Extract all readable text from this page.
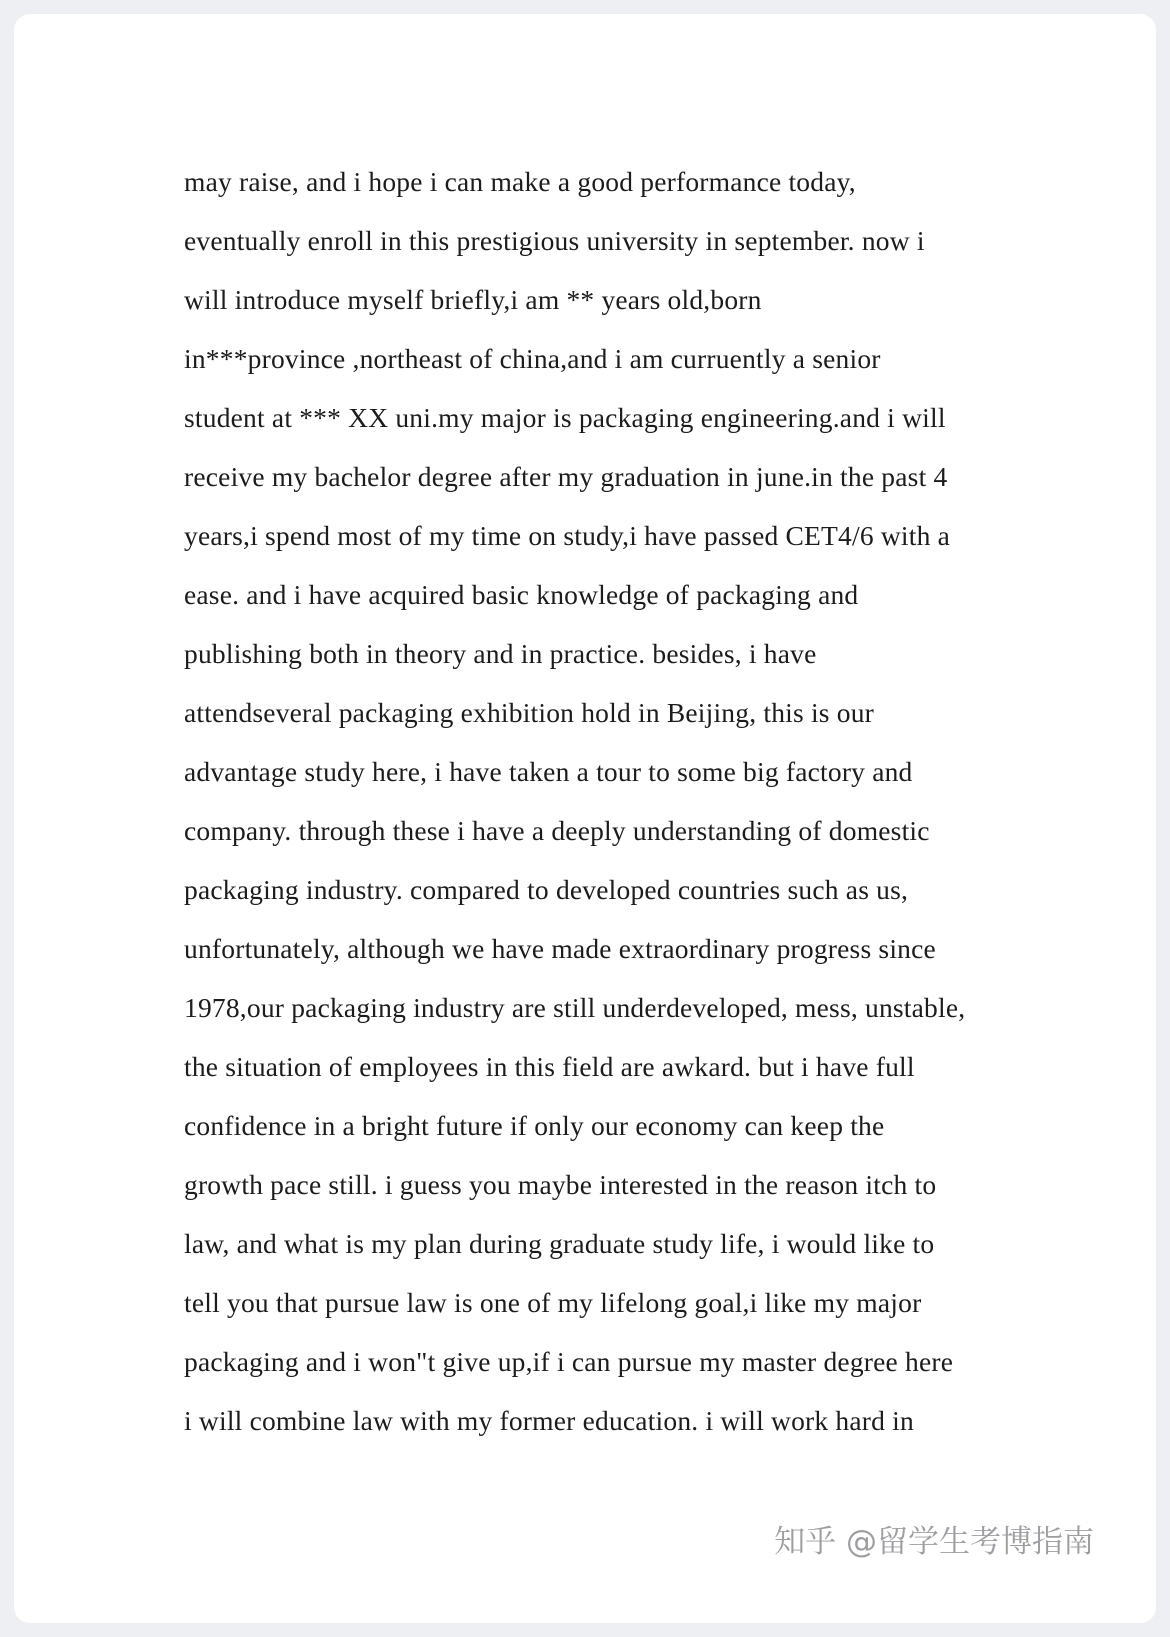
may raise, and i hope i can make a good performance today,
eventually enroll in this prestigious university in september. now i
will introduce myself briefly,i am ** years old,born
in***province ,northeast of china,and i am curruently a senior
student at *** XX uni.my major is packaging engineering.and i will
receive my bachelor degree after my graduation in june.in the past 4
years,i spend most of my time on study,i have passed CET4/6 with a
ease. and i have acquired basic knowledge of packaging and
publishing both in theory and in practice. besides, i have
attendseveral packaging exhibition hold in Beijing, this is our
advantage study here, i have taken a tour to some big factory and
company. through these i have a deeply understanding of domestic
packaging industry. compared to developed countries such as us,
unfortunately, although we have made extraordinary progress since
1978,our packaging industry are still underdeveloped, mess, unstable,
the situation of employees in this field are awkard. but i have full
confidence in a bright future if only our economy can keep the
growth pace still. i guess you maybe interested in the reason itch to
law, and what is my plan during graduate study life, i would like to
tell you that pursue law is one of my lifelong goal,i like my major
packaging and i won"t give up,if i can pursue my master degree here
i will combine law with my former education. i will work hard in
知乎 @留学生考博指南
